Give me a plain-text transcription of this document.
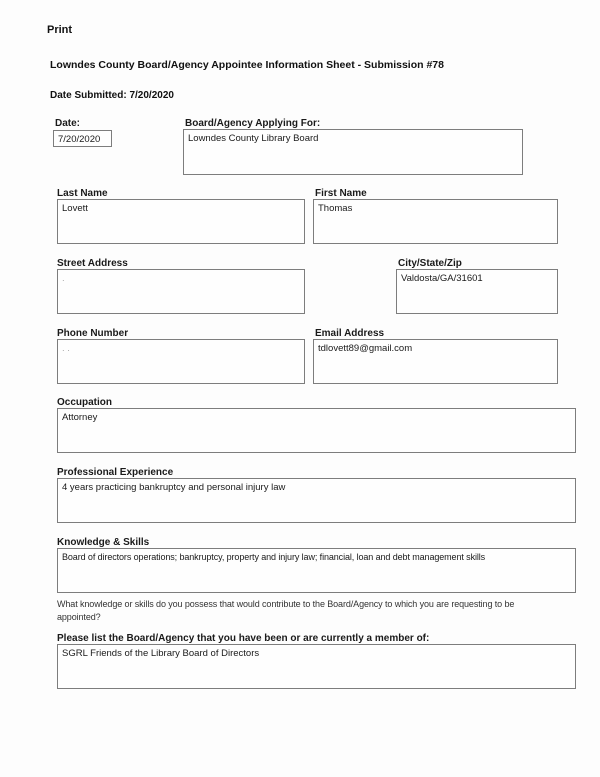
Print
Lowndes County Board/Agency Appointee Information Sheet - Submission #78
Date Submitted: 7/20/2020
Date:
7/20/2020
Board/Agency Applying For:
Lowndes County Library Board
Last Name
Lovett
First Name
Thomas
Street Address
.
City/State/Zip
Valdosta/GA/31601
Phone Number
. .
Email Address
tdlovett89@gmail.com
Occupation
Attorney
Professional Experience
4 years practicing bankruptcy and personal injury law
Knowledge & Skills
Board of directors operations; bankruptcy, property and injury law; financial, loan and debt management skills
What knowledge or skills do you possess that would contribute to the Board/Agency to which you are requesting to be appointed?
Please list the Board/Agency that you have been or are currently a member of:
SGRL Friends of the Library Board of Directors
